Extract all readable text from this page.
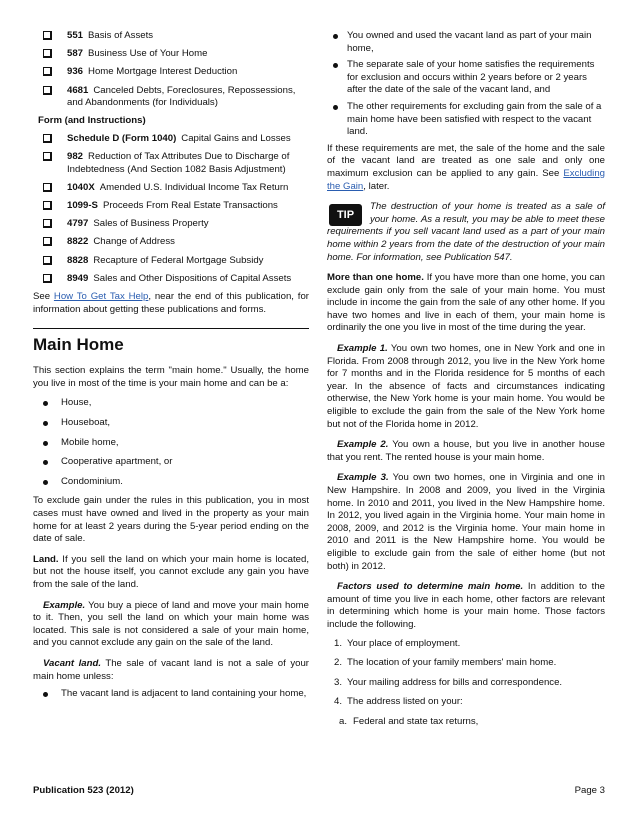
551 Basis of Assets
587 Business Use of Your Home
936 Home Mortgage Interest Deduction
4681 Canceled Debts, Foreclosures, Repossessions, and Abandonments (for Individuals)
Form (and Instructions)
Schedule D (Form 1040) Capital Gains and Losses
982 Reduction of Tax Attributes Due to Discharge of Indebtedness (And Section 1082 Basis Adjustment)
1040X Amended U.S. Individual Income Tax Return
1099-S Proceeds From Real Estate Transactions
4797 Sales of Business Property
8822 Change of Address
8828 Recapture of Federal Mortgage Subsidy
8949 Sales and Other Dispositions of Capital Assets

See How To Get Tax Help, near the end of this publication, for information about getting these publications and forms.

Main Home

This section explains the term "main home." Usually, the home you live in most of the time is your main home and can be a:

House,
Houseboat,
Mobile home,
Cooperative apartment, or
Condominium.

To exclude gain under the rules in this publication, you in most cases must have owned and lived in the property as your main home for at least 2 years during the 5-year period ending on the date of sale.

Land. If you sell the land on which your main home is located, but not the house itself, you cannot exclude any gain you have from the sale of the land.

Example. You buy a piece of land and move your main home to it. Then, you sell the land on which your main home was located. This sale is not considered a sale of your main home, and you cannot exclude any gain on the sale of the land.

Vacant land. The sale of vacant land is not a sale of your main home unless:

The vacant land is adjacent to land containing your home,
You owned and used the vacant land as part of your main home,
The separate sale of your home satisfies the requirements for exclusion and occurs within 2 years before or 2 years after the date of the sale of the vacant land, and
The other requirements for excluding gain from the sale of a main home have been satisfied with respect to the vacant land.

If these requirements are met, the sale of the home and the sale of the vacant land are treated as one sale and only one maximum exclusion can be applied to any gain. See Excluding the Gain, later.

TIP
The destruction of your home is treated as a sale of your home. As a result, you may be able to meet these requirements if you sell vacant land used as a part of your main home within 2 years from the date of the destruction of your main home. For information, see Publication 547.

More than one home. If you have more than one home, you can exclude gain only from the sale of your main home. You must include in income the gain from the sale of any other home. If you have two homes and live in each of them, your main home is ordinarily the one you live in most of the time during the year.

Example 1. You own two homes, one in New York and one in Florida. From 2008 through 2012, you live in the New York home for 7 months and in the Florida residence for 5 months of each year. In the absence of facts and circumstances indicating otherwise, the New York home is your main home. You would be eligible to exclude the gain from the sale of the New York home but not of the Florida home in 2012.

Example 2. You own a house, but you live in another house that you rent. The rented house is your main home.

Example 3. You own two homes, one in Virginia and one in New Hampshire. In 2008 and 2009, you lived in the Virginia home. In 2010 and 2011, you lived in the New Hampshire home. In 2012, you lived again in the Virginia home. Your main home in 2008, 2009, and 2012 is the Virginia home. Your main home in 2010 and 2011 is the New Hampshire home. You would be eligible to exclude gain from the sale of either home (but not both) in 2012.

Factors used to determine main home. In addition to the amount of time you live in each home, other factors are relevant in determining which home is your main home. Those factors include the following.

1. Your place of employment.
2. The location of your family members' main home.
3. Your mailing address for bills and correspondence.
4. The address listed on your:
a. Federal and state tax returns,
Publication 523 (2012)	Page 3
